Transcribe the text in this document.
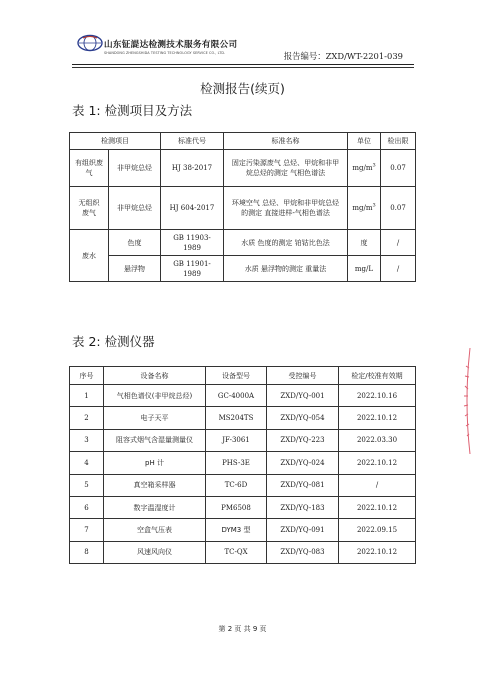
山东钲諟达检测技术服务有限公司
SHANDONG ZHENGSHIDA TESTING TECHNOLOGY SERVICE CO., LTD.	报告编号：ZXD/WT-2201-039
检测报告(续页)
表 1: 检测项目及方法
检测项目		标准代号	标准名称	单位	检出限
有组织废气	非甲烷总烃	HJ 38-2017	固定污染源废气 总烃、甲烷和非甲烷总烃的测定 气相色谱法	$mg/m^3$	0.07
无组织废气	非甲烷总烃	HJ 604-2017	环境空气 总烃、甲烷和非甲烷总烃的测定 直接进样-气相色谱法	$mg/m^3$	0.07
废水	色度	GB 11903-1989	水质 色度的测定 铂钴比色法	度	/
	悬浮物	GB 11901-1989	水质 悬浮物的测定 重量法	mg/L	/
表 2: 检测仪器
序号	设备名称	设备型号	受控编号	检定/校准有效期
1	气相色谱仪(非甲烷总烃)	GC-4000A	ZXD/YQ-001	2022.10.16
2	电子天平	MS204TS	ZXD/YQ-054	2022.10.12
3	阻容式烟气含湿量测量仪	JF-3061	ZXD/YQ-223	2022.03.30
4	pH 计	PHS-3E	ZXD/YQ-024	2022.10.12
5	真空箱采样器	TC-6D	ZXD/YQ-081	/
6	数字温湿度计	PM6508	ZXD/YQ-183	2022.10.12
7	空盒气压表	DYM3 型	ZXD/YQ-091	2022.09.15
8	风速风向仪	TC-QX	ZXD/YQ-083	2022.10.12
第 2 页 共 9 页
